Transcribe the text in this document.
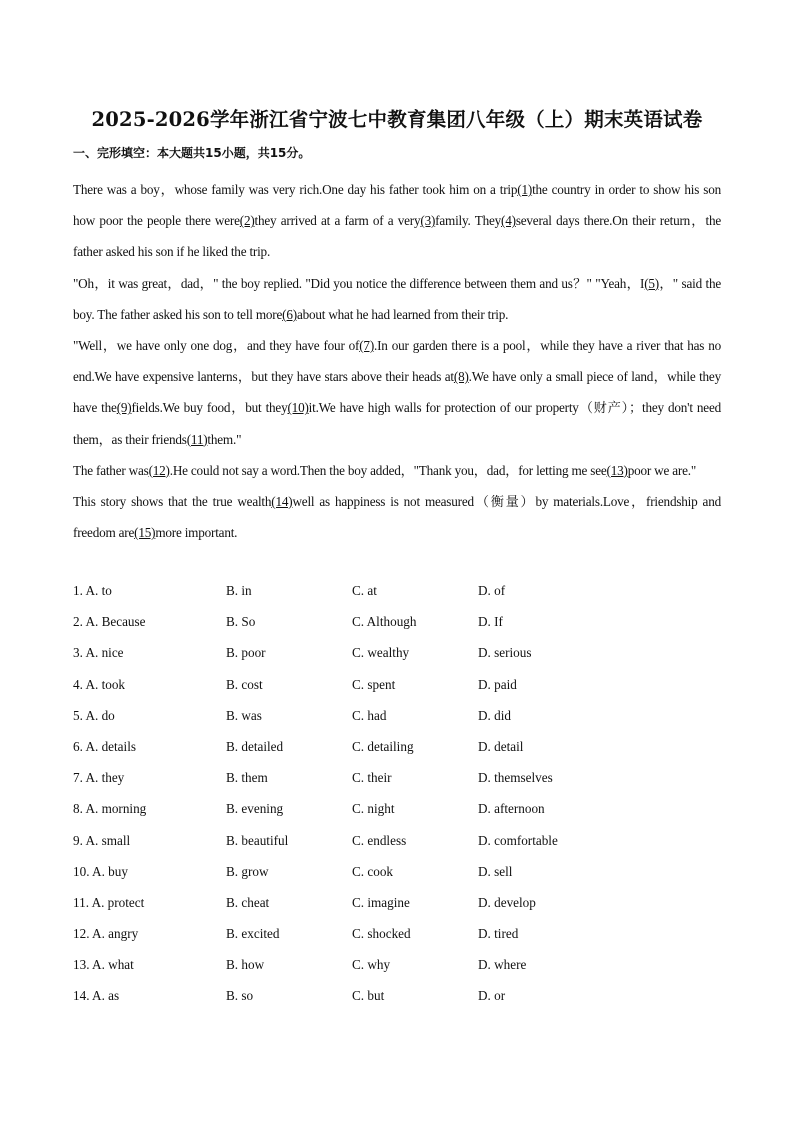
2025-2026学年浙江省宁波七中教育集团八年级（上）期末英语试卷
一、完形填空：本大题共15小题，共15分。

There was a boy，whose family was very rich.One day his father took him on a trip(1)the country in order to show his son how poor the people there were(2)they arrived at a farm of a very(3)family. They(4)several days there.On their return，the father asked his son if he liked the trip.

"Oh，it was great，dad，" the boy replied. "Did you notice the difference between them and us？" "Yeah，I(5)，" said the boy. The father asked his son to tell more(6)about what he had learned from their trip.

"Well，we have only one dog，and they have four of(7).In our garden there is a pool，while they have a river that has no end.We have expensive lanterns，but they have stars above their heads at(8).We have only a small piece of land，while they have the(9)fields.We buy food，but they(10)it.We have high walls for protection of our property（财产）；they don't need them，as their friends(11)them."

The father was(12).He could not say a word.Then the boy added，"Thank you，dad，for letting me see(13)poor we are."

This story shows that the true wealth(14)well as happiness is not measured（衡量）by materials.Love，friendship and freedom are(15)more important.

1. A. to	B. in	C. at	D. of
2. A. Because	B. So	C. Although	D. If
3. A. nice	B. poor	C. wealthy	D. serious
4. A. took	B. cost	C. spent	D. paid
5. A. do	B. was	C. had	D. did
6. A. details	B. detailed	C. detailing	D. detail
7. A. they	B. them	C. their	D. themselves
8. A. morning	B. evening	C. night	D. afternoon
9. A. small	B. beautiful	C. endless	D. comfortable
10. A. buy	B. grow	C. cook	D. sell
11. A. protect	B. cheat	C. imagine	D. develop
12. A. angry	B. excited	C. shocked	D. tired
13. A. what	B. how	C. why	D. where
14. A. as	B. so	C. but	D. or
